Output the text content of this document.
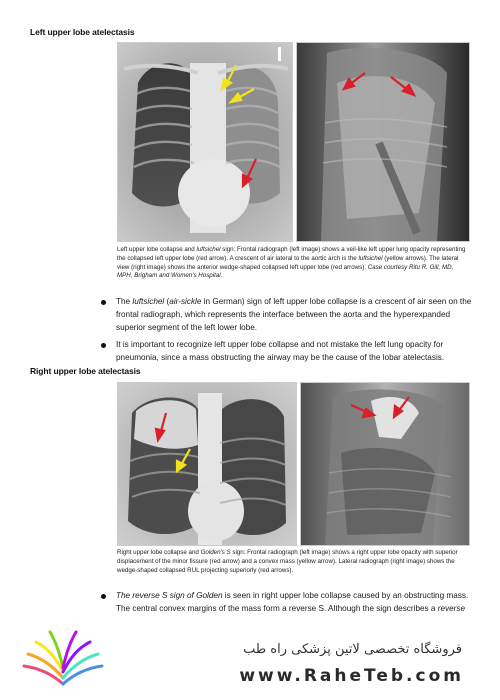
Left upper lobe atelectasis

Left upper lobe collapse and luftsichel sign: Frontal radiograph (left image) shows a veil-like left upper lung opacity representing the collapsed left upper lobe (red arrow). A crescent of air lateral to the aortic arch is the luftsichel (yellow arrows). The lateral view (right image) shows the anterior wedge-shaped collapsed left upper lobe (red arrows). Case courtesy Ritu R. Gill, MD, MPH, Brigham and Women's Hospital.

The luftsichel (air-sickle in German) sign of left upper lobe collapse is a crescent of air seen on the frontal radiograph, which represents the interface between the aorta and the hyperexpanded superior segment of the left lower lobe.
It is important to recognize left upper lobe collapse and not mistake the left lung opacity for pneumonia, since a mass obstructing the airway may be the cause of the lobar atelectasis.
Right upper lobe atelectasis

Right upper lobe collapse and Golden's S sign: Frontal radiograph (left image) shows a right upper lobe opacity with superior displacement of the minor fissure (red arrow) and a convex mass (yellow arrow). Lateral radiograph (right image) shows the wedge-shaped collapsed RUL projecting superiorly (red arrows).

The reverse S sign of Golden is seen in right upper lobe collapse caused by an obstructing mass. The central convex margins of the mass form a reverse S. Although the sign describes a reverse
فروشگاه تخصصی لاتین پزشکی راه طب
www.RaheTeb.com
